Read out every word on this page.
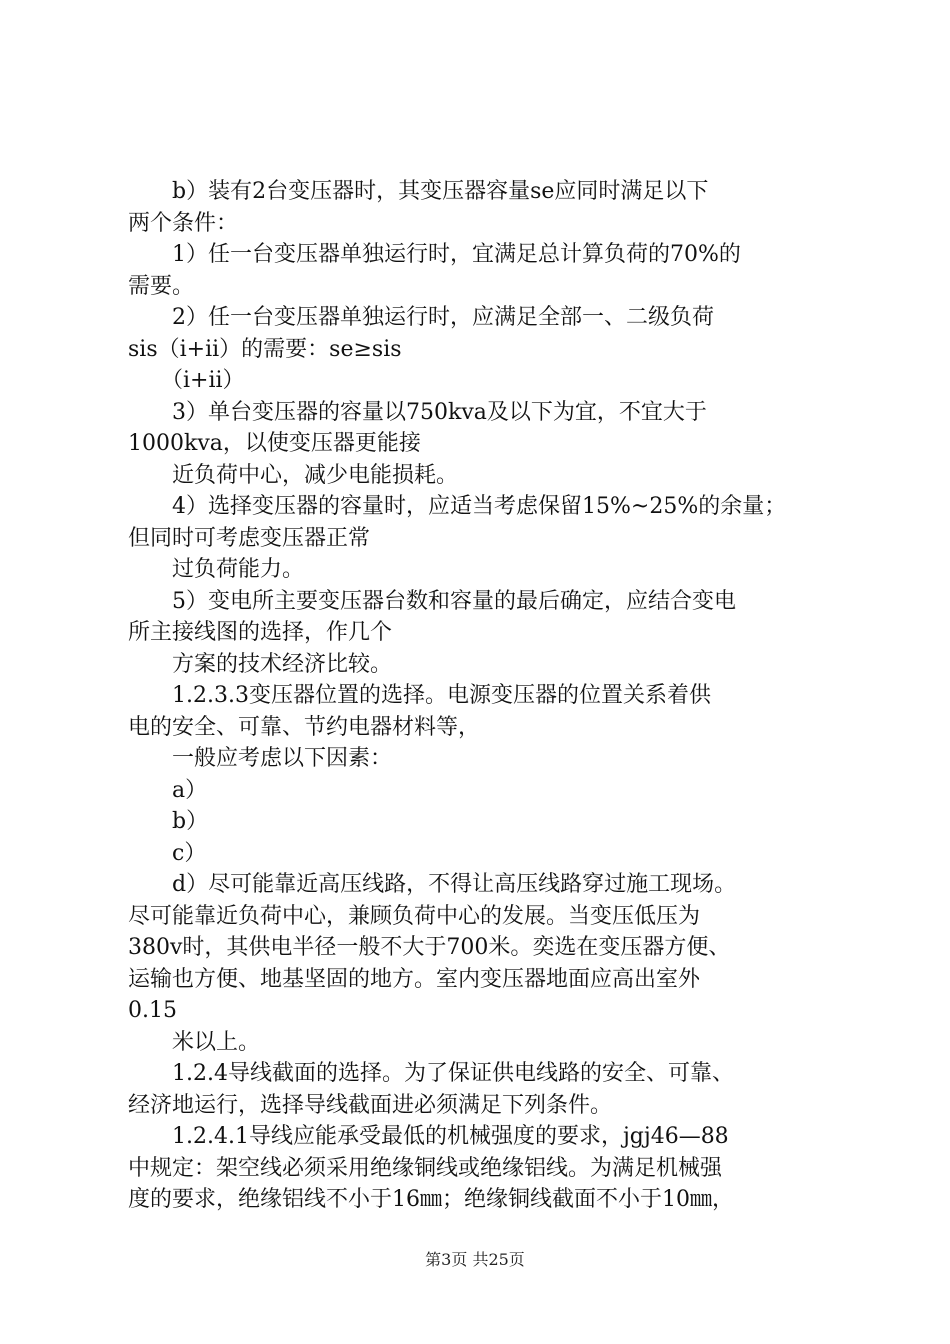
　　b）装有2台变压器时，其变压器容量se应同时满足以下
两个条件：
　　1）任一台变压器单独运行时，宜满足总计算负荷的70%的
需要。
　　2）任一台变压器单独运行时，应满足全部一、二级负荷
sis（i+ii）的需要：se≥sis
　　（i+ii）
　　3）单台变压器的容量以750kva及以下为宜，不宜大于
1000kva，以使变压器更能接
　　近负荷中心，减少电能损耗。
　　4）选择变压器的容量时，应适当考虑保留15%~25%的余量；
但同时可考虑变压器正常
　　过负荷能力。
　　5）变电所主要变压器台数和容量的最后确定，应结合变电
所主接线图的选择，作几个
　　方案的技术经济比较。
　　1.2.3.3变压器位置的选择。电源变压器的位置关系着供
电的安全、可靠、节约电器材料等，
　　一般应考虑以下因素：
　　a）
　　b）
　　c）
　　d）尽可能靠近高压线路，不得让高压线路穿过施工现场。
尽可能靠近负荷中心，兼顾负荷中心的发展。当变压低压为
380v时，其供电半径一般不大于700米。奕选在变压器方便、
运输也方便、地基坚固的地方。室内变压器地面应高出室外
0.15
　　米以上。
　　1.2.4导线截面的选择。为了保证供电线路的安全、可靠、
经济地运行，选择导线截面进必须满足下列条件。
　　1.2.4.1导线应能承受最低的机械强度的要求，jgj46—88
中规定：架空线必须采用绝缘铜线或绝缘铝线。为满足机械强
度的要求，绝缘铝线不小于16㎜；绝缘铜线截面不小于10㎜，
第3页 共25页
